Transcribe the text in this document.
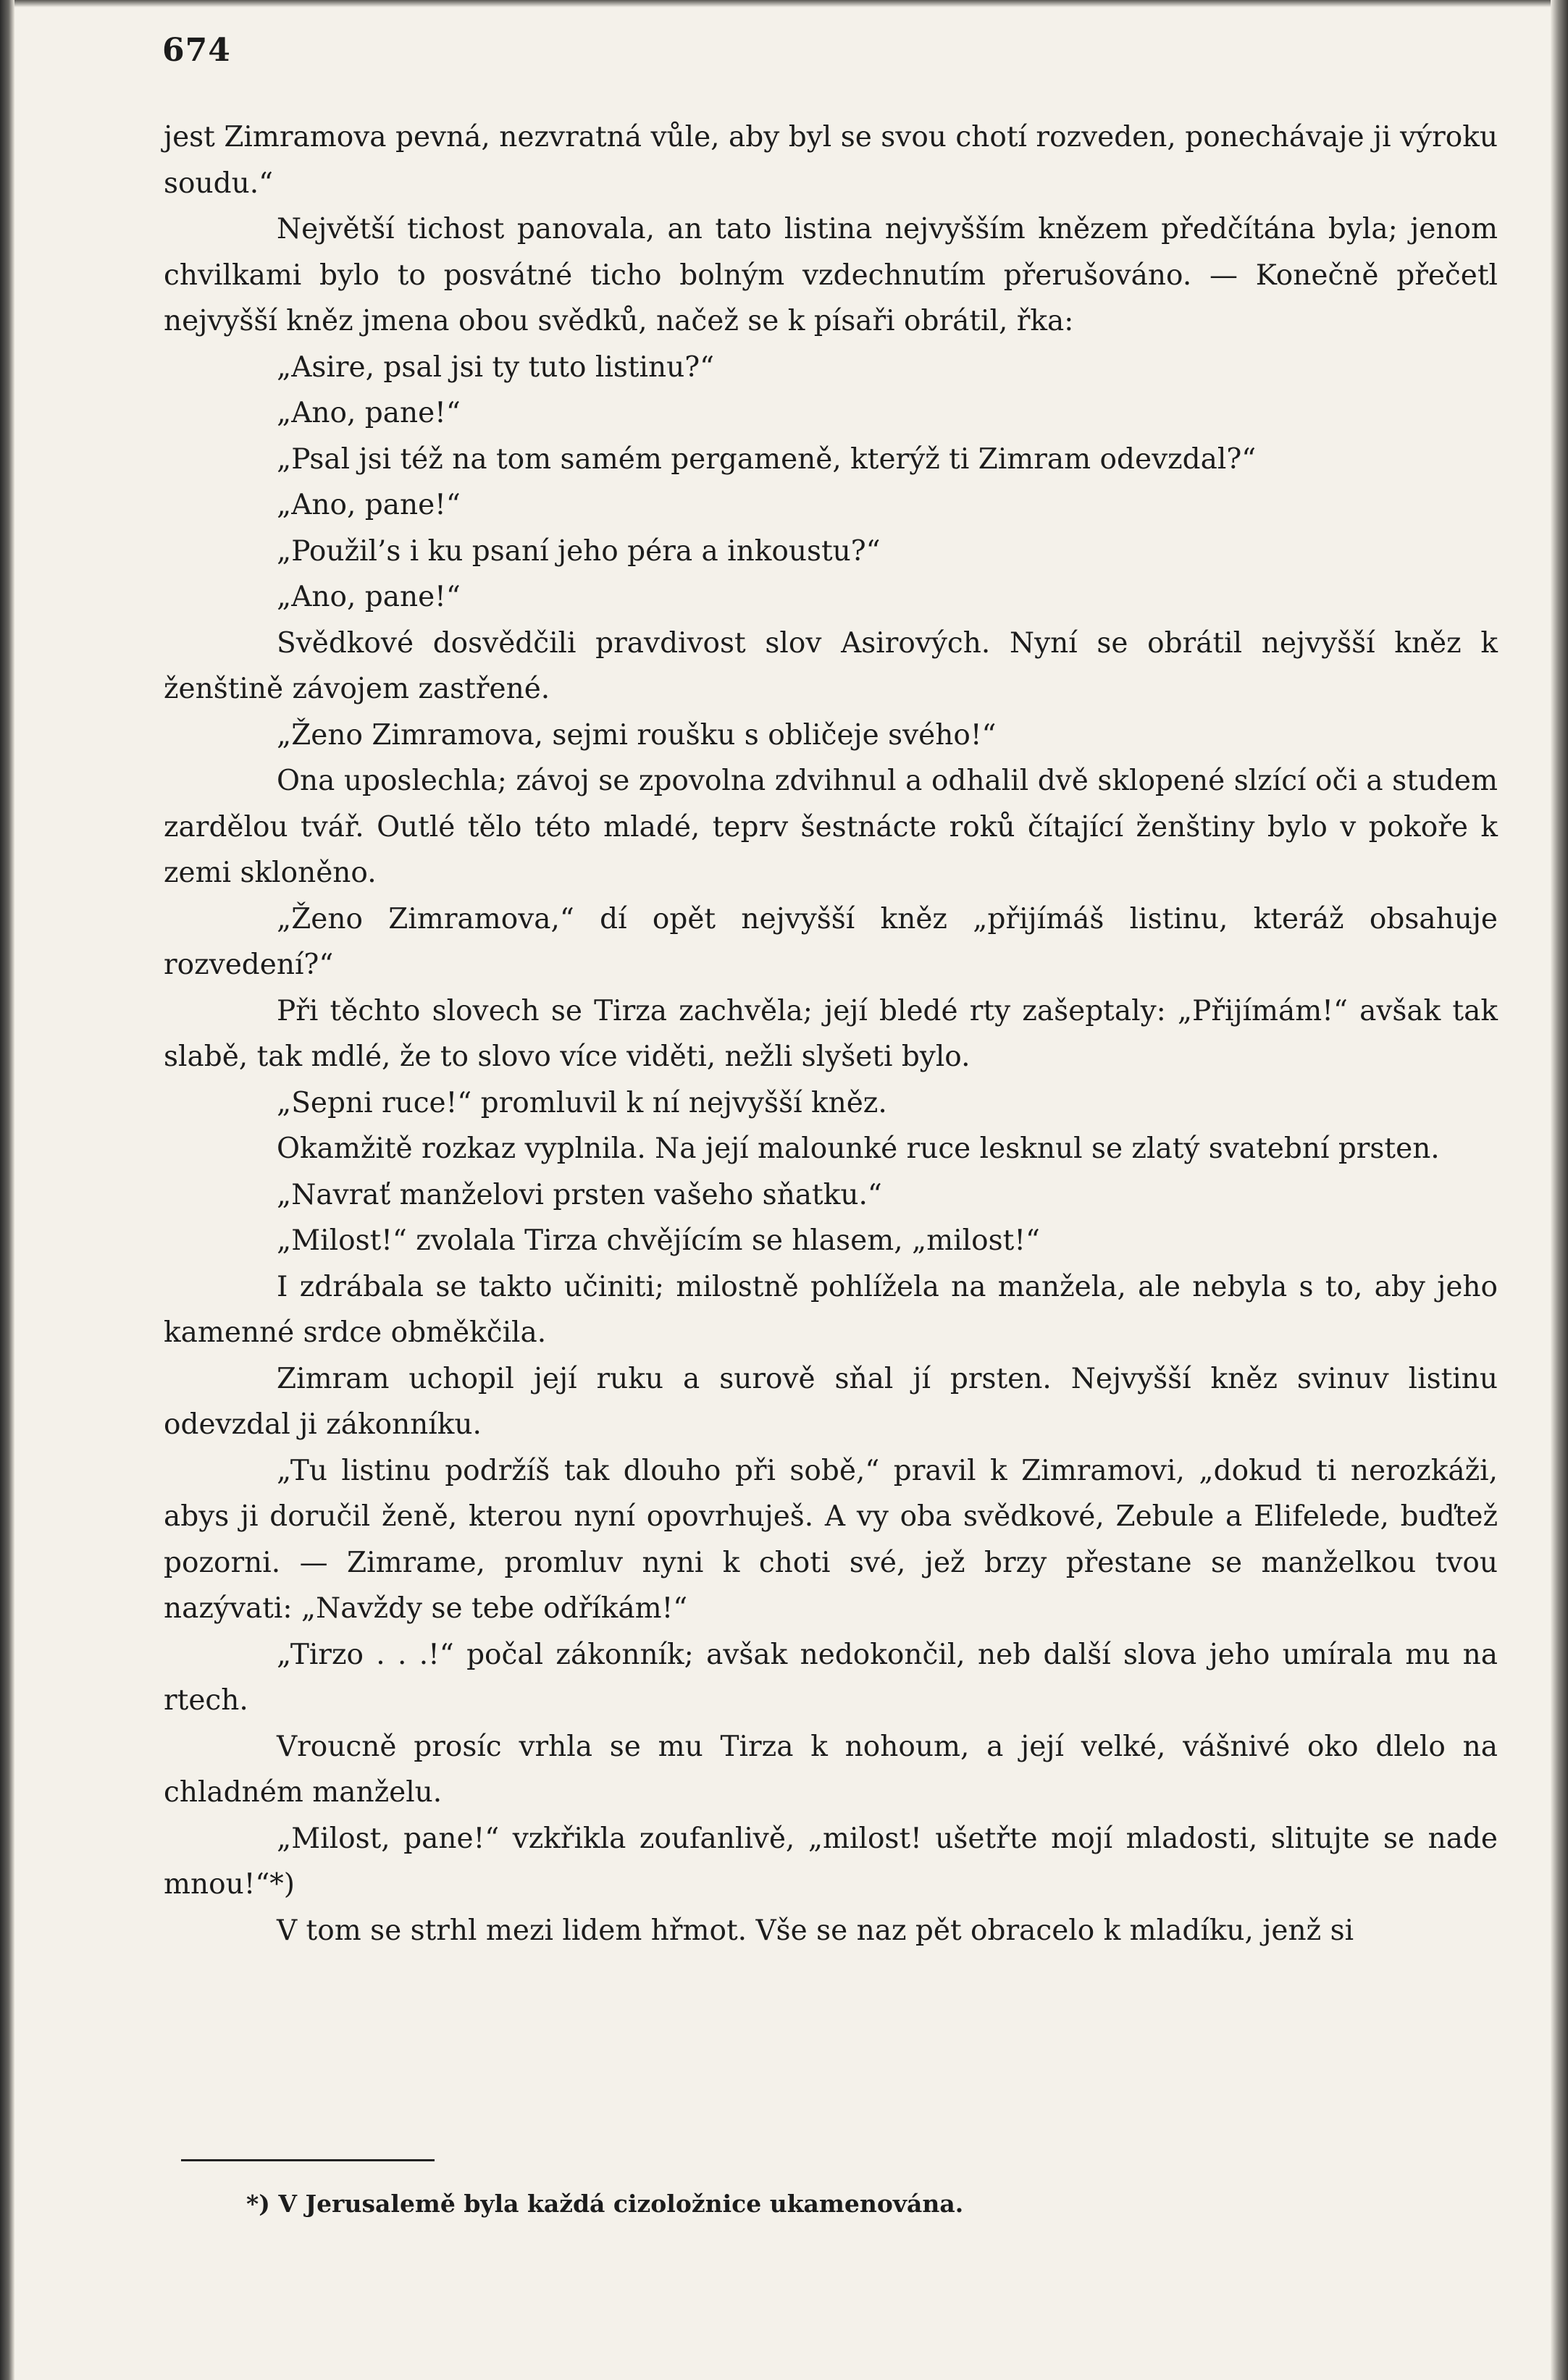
674

jest Zimramova pevná, nezvratná vůle, aby byl se svou chotí rozveden, ponechávaje ji výroku soudu.“

Největší tichost panovala, an tato listina nejvyšším knězem předčítána byla; jenom chvilkami bylo to posvátné ticho bolným vzdechnutím přerušováno. — Konečně přečetl nejvyšší kněz jmena obou svědků, načež se k písaři obrátil, řka:

„Asire, psal jsi ty tuto listinu?“

„Ano, pane!“

„Psal jsi též na tom samém pergameně, kterýž ti Zimram odevzdal?“

„Ano, pane!“

„Použil’s i ku psaní jeho péra a inkoustu?“

„Ano, pane!“

Svědkové dosvědčili pravdivost slov Asirových. Nyní se obrátil nejvyšší kněz k ženštině závojem zastřené.

„Ženo Zimramova, sejmi roušku s obličeje svého!“

Ona uposlechla; závoj se zpovolna zdvihnul a odhalil dvě sklopené slzící oči a studem zardělou tvář. Outlé tělo této mladé, teprv šestnácte roků čítající ženštiny bylo v pokoře k zemi skloněno.

„Ženo Zimramova,“ dí opět nejvyšší kněz „přijímáš listinu, kteráž obsahuje rozvedení?“

Při těchto slovech se Tirza zachvěla; její bledé rty zašeptaly: „Přijímám!“ avšak tak slabě, tak mdlé, že to slovo více viděti, nežli slyšeti bylo.

„Sepni ruce!“ promluvil k ní nejvyšší kněz.

Okamžitě rozkaz vyplnila. Na její malounké ruce lesknul se zlatý svatební prsten.

„Navrať manželovi prsten vašeho sňatku.“

„Milost!“ zvolala Tirza chvějícím se hlasem, „milost!“

I zdrábala se takto učiniti; milostně pohlížela na manžela, ale nebyla s to, aby jeho kamenné srdce obměkčila.

Zimram uchopil její ruku a surově sňal jí prsten. Nejvyšší kněz svinuv listinu odevzdal ji zákonníku.

„Tu listinu podržíš tak dlouho při sobě,“ pravil k Zimramovi, „dokud ti nerozkáži, abys ji doručil ženě, kterou nyní opovrhuješ. A vy oba svědkové, Zebule a Elifelede, buďtež pozorni. — Zimrame, promluv nyni k choti své, jež brzy přestane se manželkou tvou nazývati: „Navždy se tebe odříkám!“

„Tirzo . . .!“ počal zákonník; avšak nedokončil, neb další slova jeho umírala mu na rtech.

Vroucně prosíc vrhla se mu Tirza k nohoum, a její velké, vášnivé oko dlelo na chladném manželu.

„Milost, pane!“ vzkřikla zoufanlivě, „milost! ušetřte mojí mladosti, slitujte se nade mnou!“*)

V tom se strhl mezi lidem hřmot. Vše se naz pět obracelo k mladíku, jenž si

*) V Jerusalemě byla každá cizoložnice ukamenována.
